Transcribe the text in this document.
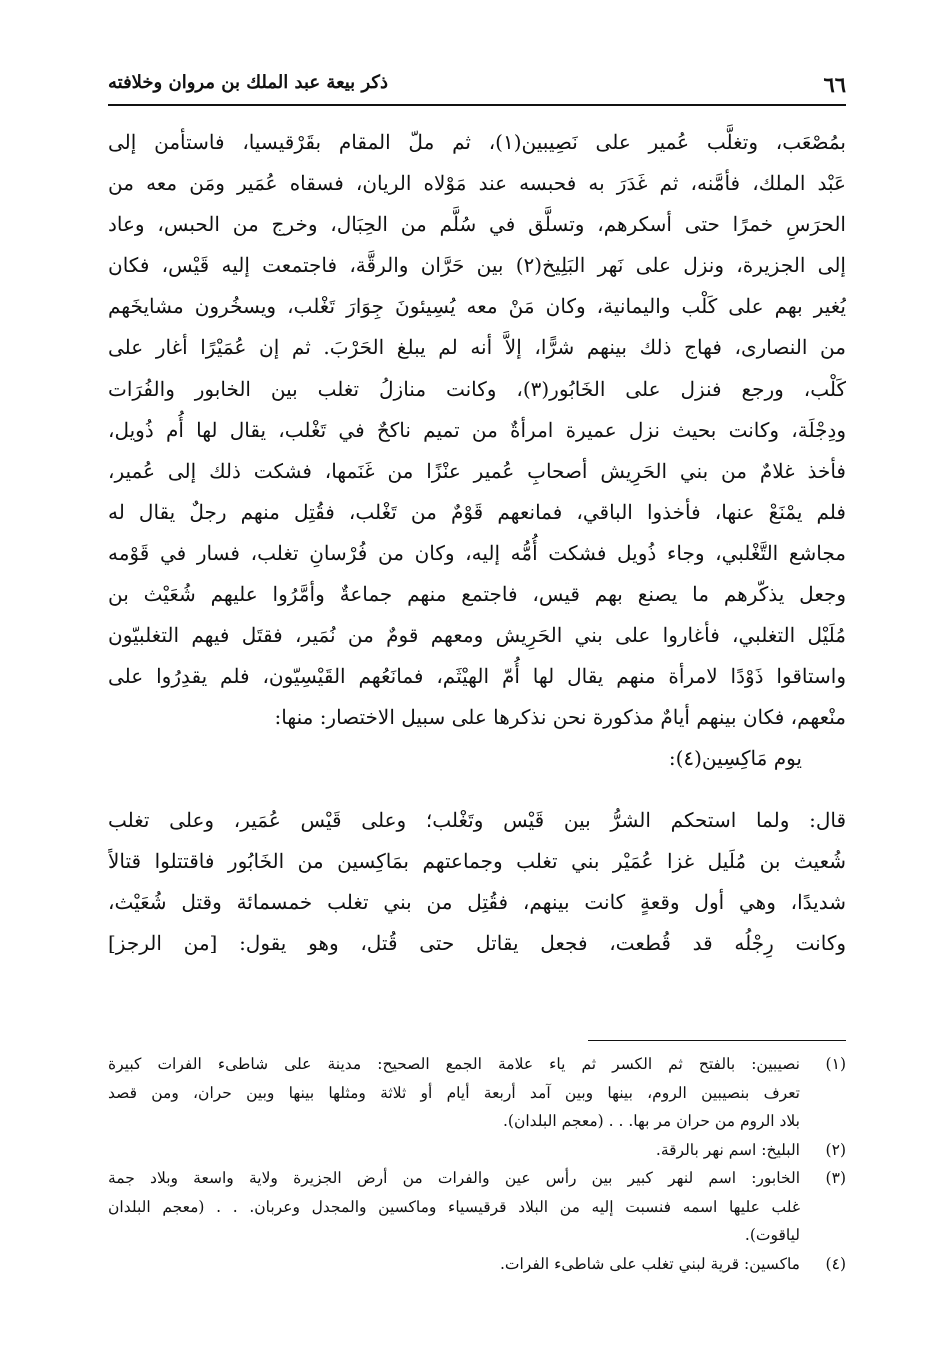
٦٦
ذكر بيعة عبد الملك بن مروان وخلافته
بمُصْعَب، وتغلَّب عُمير على نَصِيبين(١)، ثم ملّ المقام بقَرْقيسيا، فاستأمن إلى
عَبْد الملك، فأمَّنه، ثم غَدَرَ به فحبسه عند مَوْلاه الريان، فسقاه عُمَير ومَن معه من
الحرَسِ خمرًا حتى أسكرهم، وتسلَّق في سُلَّم من الحِبَال، وخرج من الحبس، وعاد
إلى الجزيرة، ونزل على نَهر البَلِيخ(٢) بين حَرَّان والرقَّة، فاجتمعت إليه قَيْس، فكان
يُغير بهم على كَلْب واليمانية، وكان مَنْ معه يُسِيئونَ جِوَارَ تَغْلب، ويسخُرون مشايخَهم
من النصارى، فهاج ذلك بينهم شرًّا، إلاَّ أنه لم يبلغ الحَرْبَ. ثم إن عُمَيْرًا أغار على
كَلْب، ورجع فنزل على الخَابُور(٣)، وكانت منازلُ تغلب بين الخابور والفُرَات
ودِجْلَة، وكانت بحيث نزل عميرة امرأةٌ من تميم ناكحٌ في تَغْلب، يقال لها أُم ذُويل،
فأخذ غلامٌ من بني الحَرِيش أصحابِ عُمير عنْزًا من غَنَمها، فشكت ذلك إلى عُمير،
فلم يمْنَعْ عنها، فأخذوا الباقي، فمانعهم قَوْمٌ من تَغْلب، فقُتِل منهم رجلٌ يقال له
مجاشع التَّغْلبي، وجاء ذُويل فشكت أُمُّه إليه، وكان من فُرْسانِ تغلب، فسار في قَوْمه
وجعل يذكّرهم ما يصنع بهم قيس، فاجتمع منهم جماعةٌ وأمَّرُوا عليهم شُعَيْث بن
مُلَيْل التغلبي، فأغاروا على بني الحَرِيش ومعهم قومٌ من نُمَير، فقتَل فيهم التغلبيّون
واستاقوا ذَوْدًا لامرأة منهم يقال لها أُمّ الهيْثَم، فمانَعُهم القَيْسِيّون، فلم يقدِرُوا على
منْعهم، فكان بينهم أيامٌ مذكورة نحن نذكرها على سبيل الاختصار: منها:
يوم مَاكِسِين(٤):
قال: ولما استحكم الشرُّ بين قَيْس وتَغْلب؛ وعلى قَيْس عُمَير، وعلى تغلب
شُعيث بن مُلَيل غزا عُمَيْر بني تغلب وجماعتهم بمَاكِسين من الخَابُور فاقتتلوا قتالاً
شديدًا، وهي أول وقعةٍ كانت بينهم، فقُتِل من بني تغلب خمسمائة وقتل شُعَيْث،
وكانت رِجْلُه قد قُطعت، فجعل يقاتل حتى قُتل، وهو يقول: [من الرجز]
(١)
نصيبين: بالفتح ثم الكسر ثم ياء علامة الجمع الصحيح: مدينة على شاطىء الفرات كبيرة
تعرف بنصيبين الروم، بينها وبين آمد أربعة أيام أو ثلاثة ومثلها بينها وبين حران، ومن قصد
بلاد الروم من حران مر بها. . . (معجم البلدان).
(٢)
البليخ: اسم نهر بالرقة.
(٣)
الخابور: اسم لنهر كبير بين رأس عين والفرات من أرض الجزيرة ولاية واسعة وبلاد جمة
غلب عليها اسمه فنسبت إليه من البلاد قرقيسياء وماكسين والمجدل وعربان. . . (معجم البلدان
لياقوت).
(٤)
ماكسين: قرية لبني تغلب على شاطىء الفرات.
